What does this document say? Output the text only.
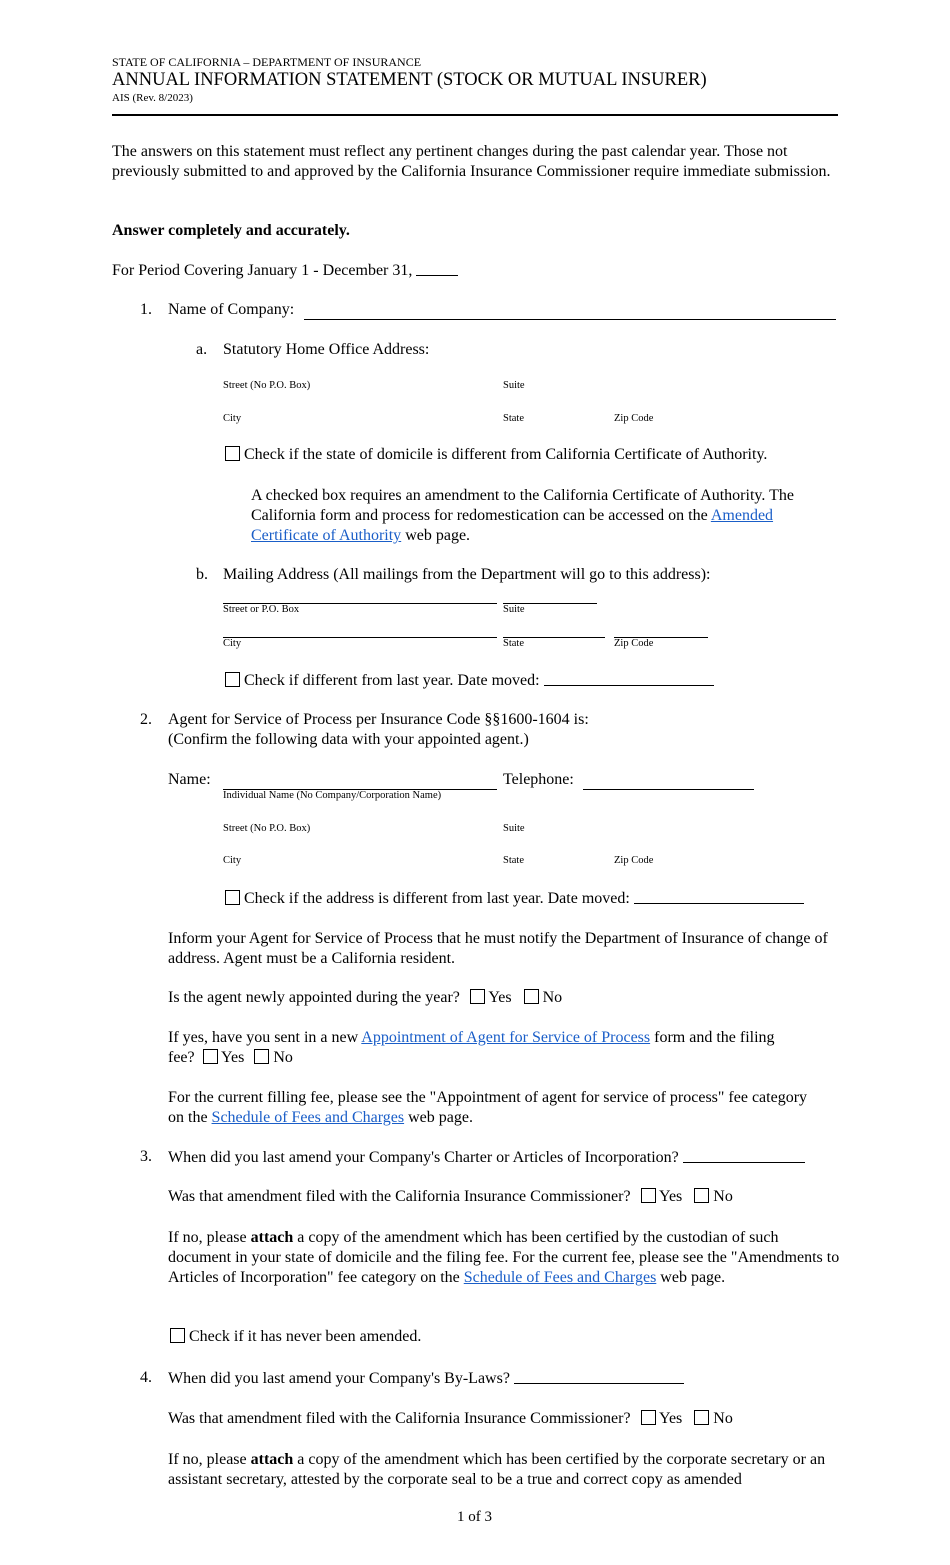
STATE OF CALIFORNIA – DEPARTMENT OF INSURANCE
ANNUAL INFORMATION STATEMENT (STOCK OR MUTUAL INSURER)
AIS (Rev. 8/2023)
The answers on this statement must reflect any pertinent changes during the past calendar year. Those not previously submitted to and approved by the California Insurance Commissioner require immediate submission.
Answer completely and accurately.
For Period Covering January 1 - December 31,
1. Name of Company:
a. Statutory Home Office Address:
Street (No P.O. Box)	Suite
City	State	Zip Code
Check if the state of domicile is different from California Certificate of Authority.
A checked box requires an amendment to the California Certificate of Authority. The California form and process for redomestication can be accessed on the Amended Certificate of Authority web page.
b. Mailing Address (All mailings from the Department will go to this address):
Street or P.O. Box	Suite
City	State	Zip Code
Check if different from last year. Date moved:
2. Agent for Service of Process per Insurance Code §§1600-1604 is:
(Confirm the following data with your appointed agent.)
Name:	Telephone:
Individual Name (No Company/Corporation Name)
Street (No P.O. Box)	Suite
City	State	Zip Code
Check if the address is different from last year. Date moved:
Inform your Agent for Service of Process that he must notify the Department of Insurance of change of address. Agent must be a California resident.
Is the agent newly appointed during the year? Yes No
If yes, have you sent in a new Appointment of Agent for Service of Process form and the filing
fee? Yes No
For the current filling fee, please see the "Appointment of agent for service of process" fee category on the Schedule of Fees and Charges web page.
3. When did you last amend your Company's Charter or Articles of Incorporation?
Was that amendment filed with the California Insurance Commissioner? Yes No
If no, please attach a copy of the amendment which has been certified by the custodian of such document in your state of domicile and the filing fee. For the current fee, please see the "Amendments to Articles of Incorporation" fee category on the Schedule of Fees and Charges web page.
Check if it has never been amended.
4. When did you last amend your Company's By-Laws?
Was that amendment filed with the California Insurance Commissioner? Yes No
If no, please attach a copy of the amendment which has been certified by the corporate secretary or an assistant secretary, attested by the corporate seal to be a true and correct copy as amended
1 of 3
